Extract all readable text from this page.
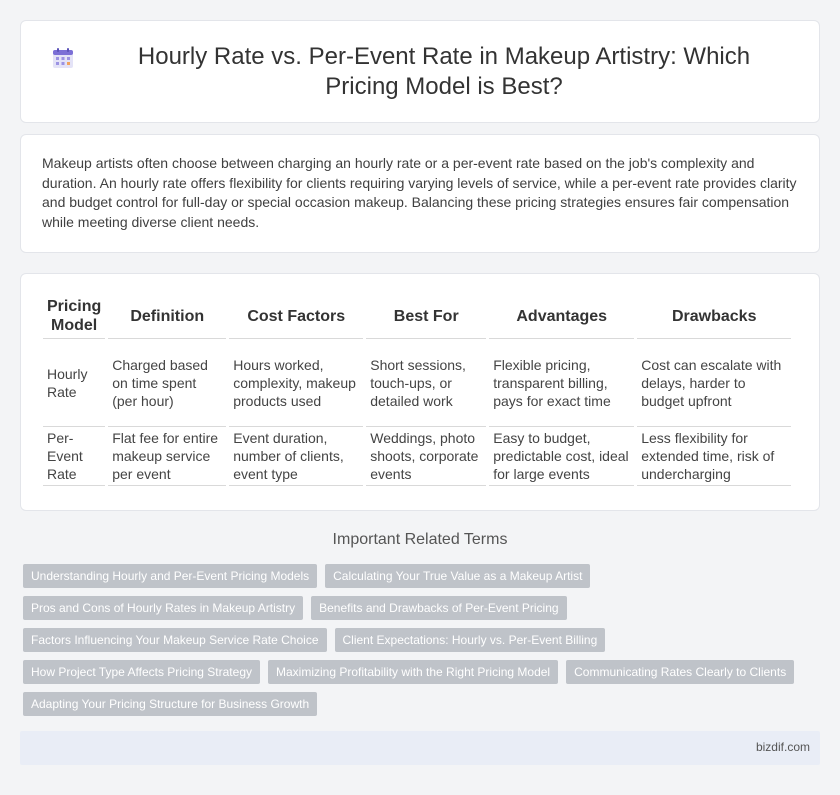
Hourly Rate vs. Per-Event Rate in Makeup Artistry: Which Pricing Model is Best?

Makeup artists often choose between charging an hourly rate or a per-event rate based on the job's complexity and duration. An hourly rate offers flexibility for clients requiring varying levels of service, while a per-event rate provides clarity and budget control for full-day or special occasion makeup. Balancing these pricing strategies ensures fair compensation while meeting diverse client needs.

Pricing Model	Definition	Cost Factors	Best For	Advantages	Drawbacks
Hourly Rate	Charged based on time spent (per hour)	Hours worked, complexity, makeup products used	Short sessions, touch-ups, or detailed work	Flexible pricing, transparent billing, pays for exact time	Cost can escalate with delays, harder to budget upfront
Per-Event Rate	Flat fee for entire makeup service per event	Event duration, number of clients, event type	Weddings, photo shoots, corporate events	Easy to budget, predictable cost, ideal for large events	Less flexibility for extended time, risk of undercharging
Important Related Terms
Understanding Hourly and Per-Event Pricing Models	Calculating Your True Value as a Makeup Artist
Pros and Cons of Hourly Rates in Makeup Artistry	Benefits and Drawbacks of Per-Event Pricing
Factors Influencing Your Makeup Service Rate Choice	Client Expectations: Hourly vs. Per-Event Billing
How Project Type Affects Pricing Strategy	Maximizing Profitability with the Right Pricing Model	Communicating Rates Clearly to Clients
Adapting Your Pricing Structure for Business Growth
bizdif.com
